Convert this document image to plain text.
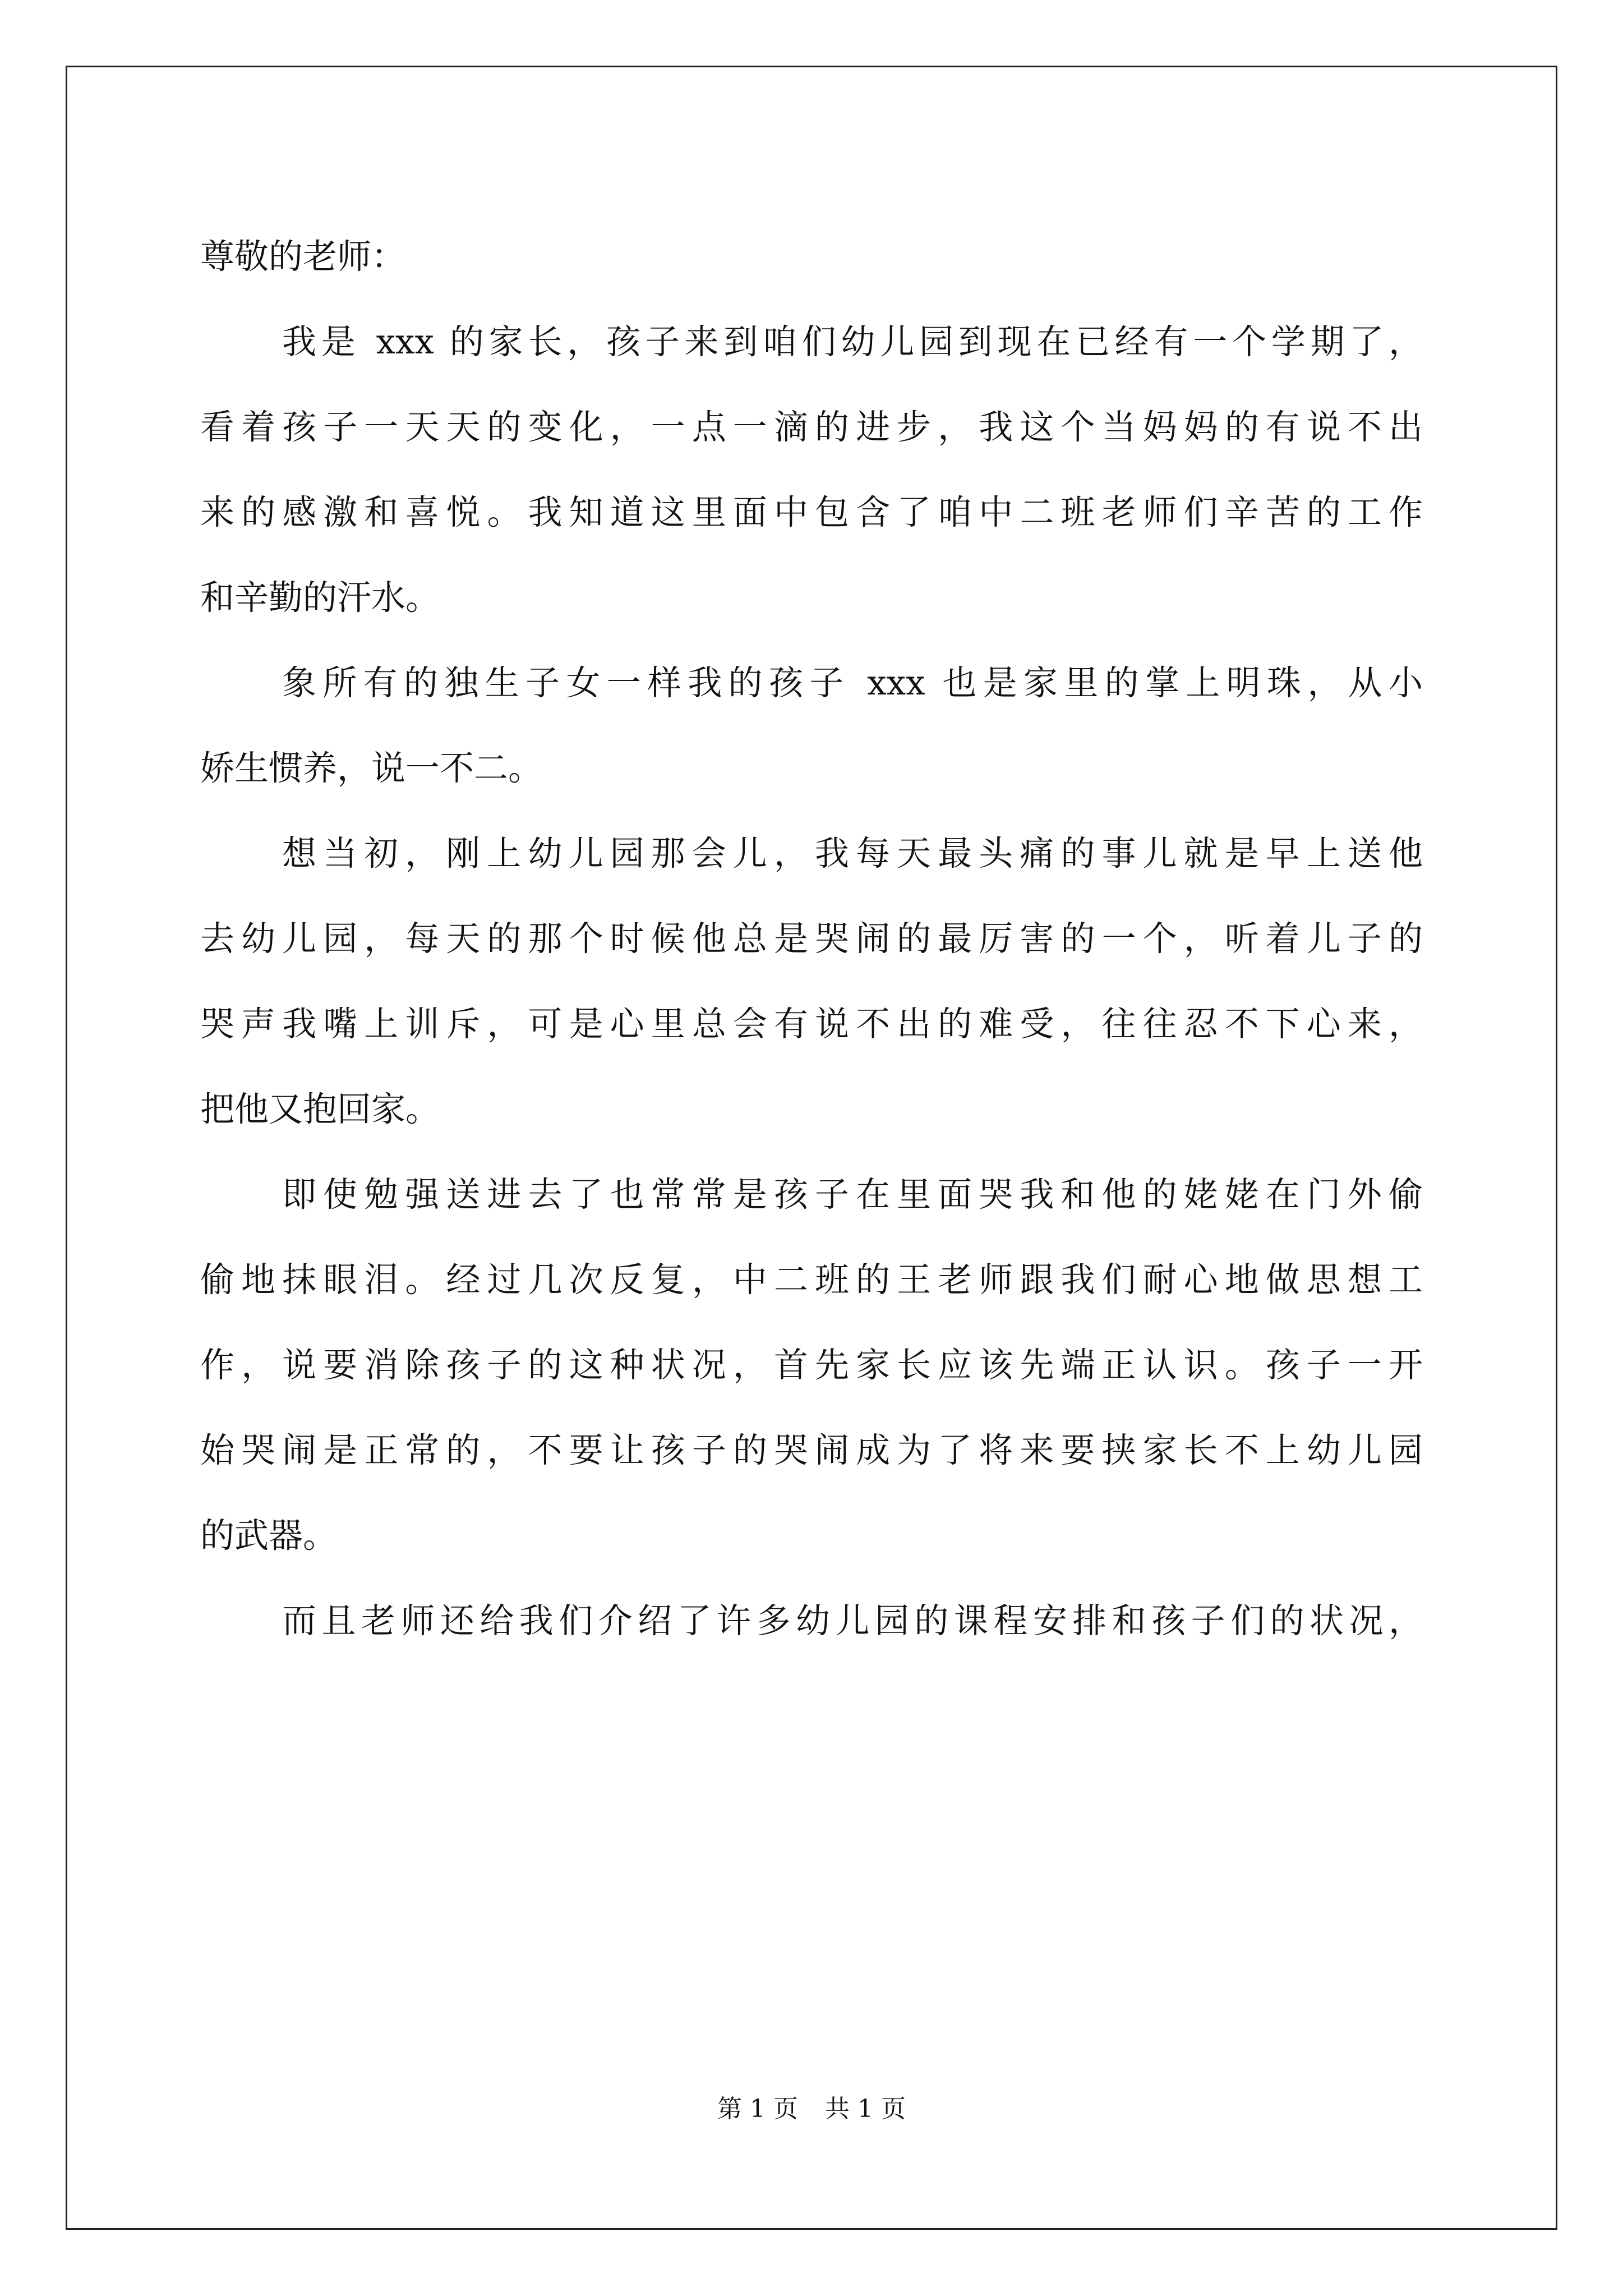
尊敬的老师：

我是 xxx 的家长，孩子来到咱们幼儿园到现在已经有一个学期了，

看着孩子一天天的变化，一点一滴的进步，我这个当妈妈的有说不出

来的感激和喜悦。我知道这里面中包含了咱中二班老师们辛苦的工作

和辛勤的汗水。

象所有的独生子女一样我的孩子 xxx 也是家里的掌上明珠，从小

娇生惯养，说一不二。

想当初，刚上幼儿园那会儿，我每天最头痛的事儿就是早上送他

去幼儿园，每天的那个时候他总是哭闹的最厉害的一个，听着儿子的

哭声我嘴上训斥，可是心里总会有说不出的难受，往往忍不下心来，

把他又抱回家。

即使勉强送进去了也常常是孩子在里面哭我和他的姥姥在门外偷

偷地抹眼泪。经过几次反复，中二班的王老师跟我们耐心地做思想工

作，说要消除孩子的这种状况，首先家长应该先端正认识。孩子一开

始哭闹是正常的，不要让孩子的哭闹成为了将来要挟家长不上幼儿园

的武器。

而且老师还给我们介绍了许多幼儿园的课程安排和孩子们的状况，

第 1 页 共 1 页
